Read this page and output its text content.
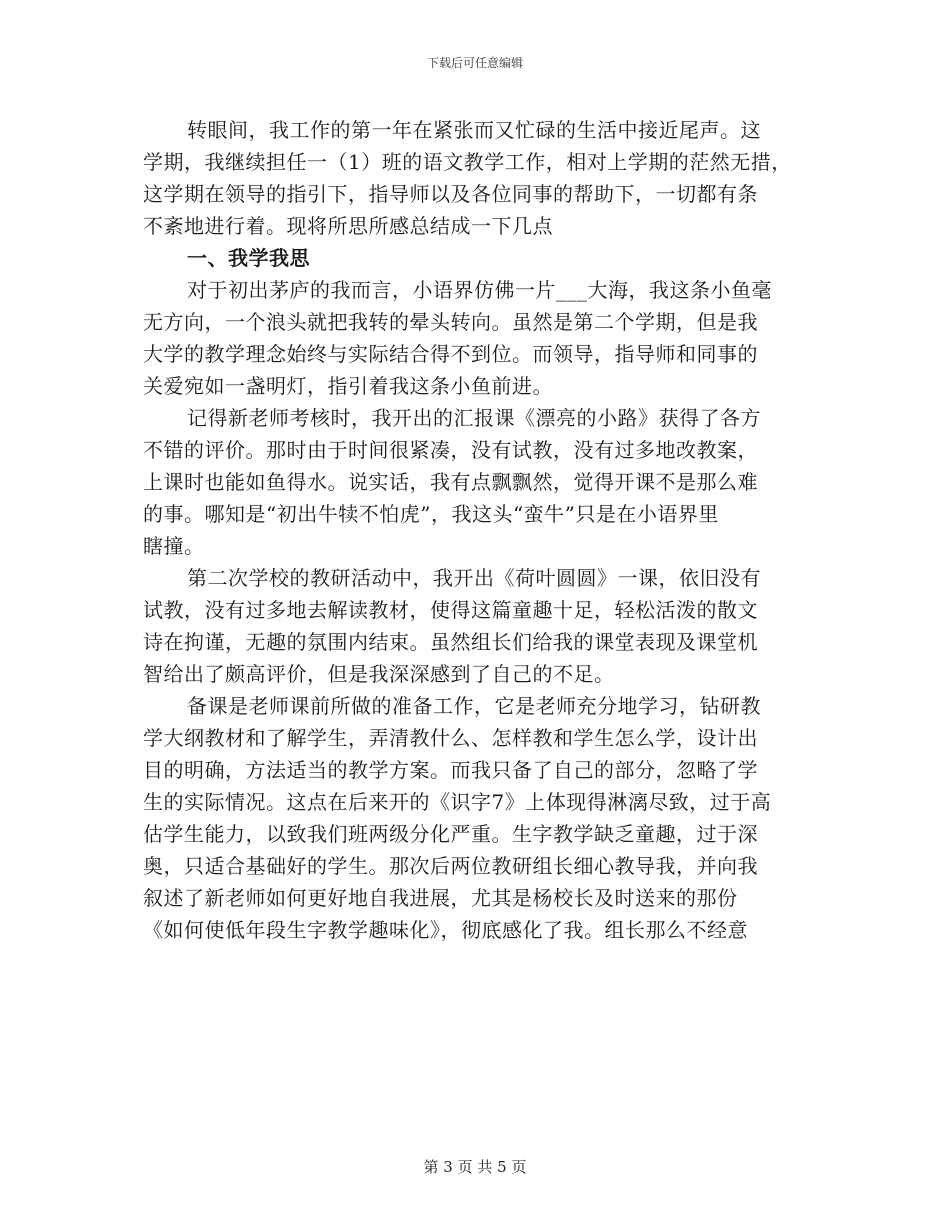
下载后可任意编辑
转眼间，我工作的第一年在紧张而又忙碌的生活中接近尾声。这
学期，我继续担任一（1）班的语文教学工作，相对上学期的茫然无措，
这学期在领导的指引下，指导师以及各位同事的帮助下，一切都有条
不紊地进行着。现将所思所感总结成一下几点
一、我学我思
对于初出茅庐的我而言，小语界仿佛一片___大海，我这条小鱼毫
无方向，一个浪头就把我转的晕头转向。虽然是第二个学期，但是我
大学的教学理念始终与实际结合得不到位。而领导，指导师和同事的
关爱宛如一盏明灯，指引着我这条小鱼前进。
记得新老师考核时，我开出的汇报课《漂亮的小路》获得了各方
不错的评价。那时由于时间很紧凑，没有试教，没有过多地改教案，
上课时也能如鱼得水。说实话，我有点飘飘然，觉得开课不是那么难
的事。哪知是“初出牛犊不怕虎”，我这头“蛮牛”只是在小语界里
瞎撞。
第二次学校的教研活动中，我开出《荷叶圆圆》一课，依旧没有
试教，没有过多地去解读教材，使得这篇童趣十足，轻松活泼的散文
诗在拘谨，无趣的氛围内结束。虽然组长们给我的课堂表现及课堂机
智给出了颇高评价，但是我深深感到了自己的不足。
备课是老师课前所做的准备工作，它是老师充分地学习，钻研教
学大纲教材和了解学生，弄清教什么、怎样教和学生怎么学，设计出
目的明确，方法适当的教学方案。而我只备了自己的部分，忽略了学
生的实际情况。这点在后来开的《识字7》上体现得淋漓尽致，过于高
估学生能力，以致我们班两级分化严重。生字教学缺乏童趣，过于深
奥，只适合基础好的学生。那次后两位教研组长细心教导我，并向我
叙述了新老师如何更好地自我进展，尤其是杨校长及时送来的那份
《如何使低年段生字教学趣味化》，彻底感化了我。组长那么不经意
第 3 页 共 5 页
